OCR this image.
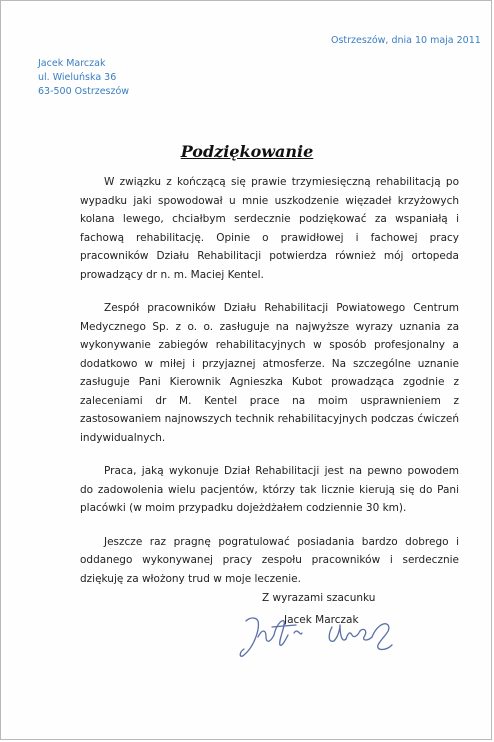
Ostrzeszów, dnia 10 maja 2011
Jacek Marczak
ul. Wieluńska 36
63-500 Ostrzeszów
Podziękowanie

W związku z kończącą się prawie trzymiesięczną rehabilitacją po wypadku jaki spowodował u mnie uszkodzenie więzadeł krzyżowych kolana lewego, chciałbym serdecznie podziękować za wspaniałą i fachową rehabilitację. Opinie o prawidłowej i fachowej pracy pracowników Działu Rehabilitacji potwierdza również mój ortopeda prowadzący dr n. m. Maciej Kentel.

Zespół pracowników Działu Rehabilitacji Powiatowego Centrum Medycznego Sp. z o. o. zasługuje na najwyższe wyrazy uznania za wykonywanie zabiegów rehabilitacyjnych w sposób profesjonalny a dodatkowo w miłej i przyjaznej atmosferze. Na szczególne uznanie zasługuje Pani Kierownik Agnieszka Kubot prowadząca zgodnie z zaleceniami dr M. Kentel prace na moim usprawnieniem z zastosowaniem najnowszych technik rehabilitacyjnych podczas ćwiczeń indywidualnych.

Praca, jaką wykonuje Dział Rehabilitacji jest na pewno powodem do zadowolenia wielu pacjentów, którzy tak licznie kierują się do Pani placówki (w moim przypadku dojeżdżałem codziennie 30 km).

Jeszcze raz pragnę pogratulować posiadania bardzo dobrego i oddanego wykonywanej pracy zespołu pracowników i serdecznie dziękuję za włożony trud w moje leczenie.

Z wyrazami szacunku
Jacek Marczak
